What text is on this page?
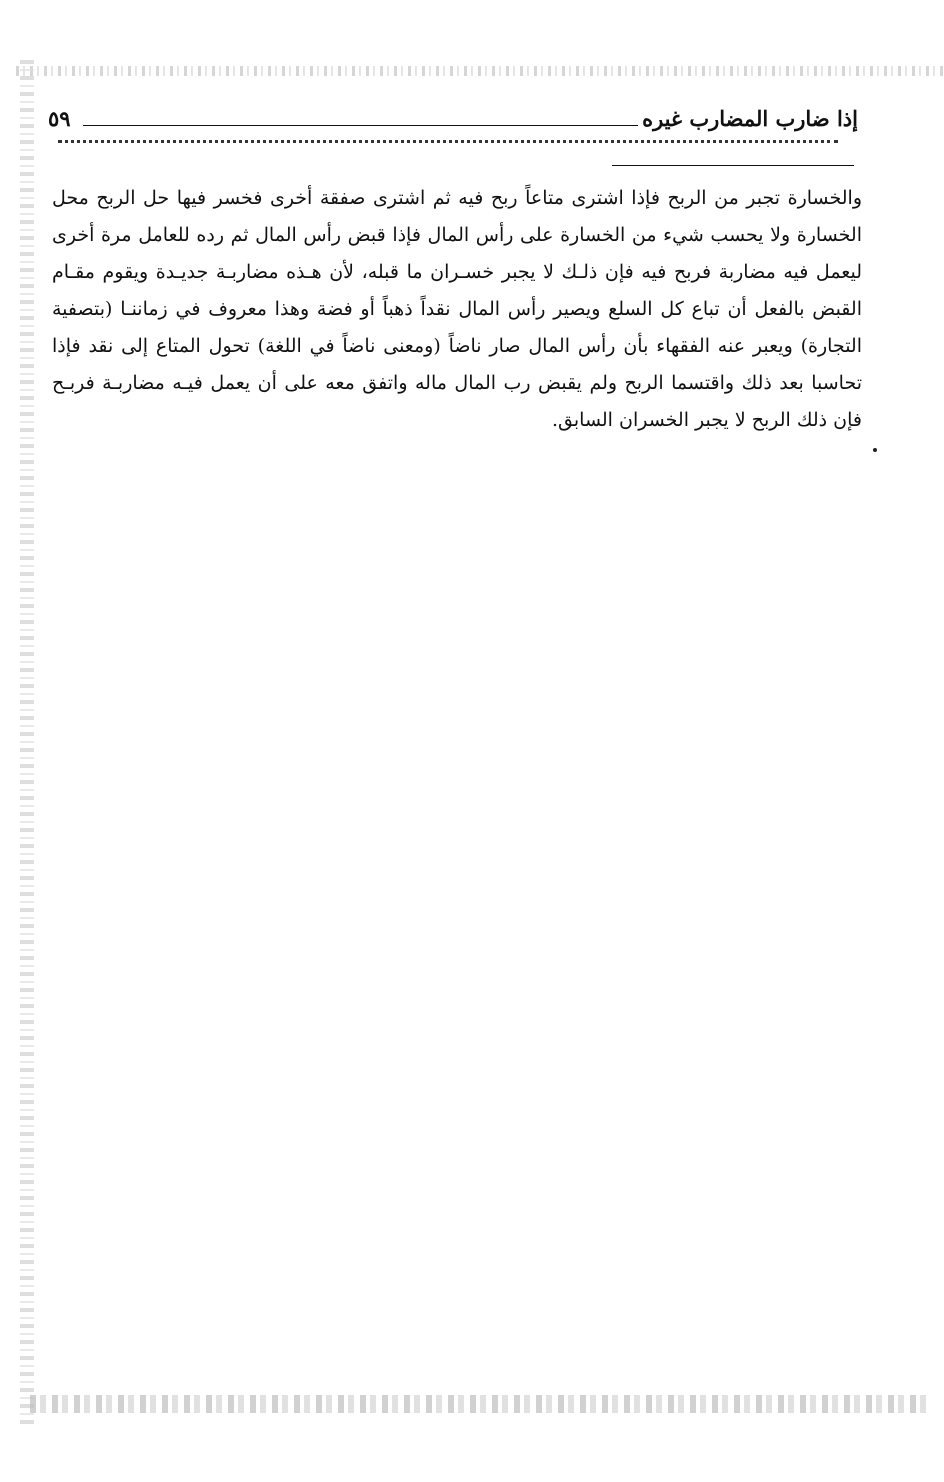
إذا ضارب المضارب غيره
٥٩
والخسارة تجبر من الربح فإذا اشترى متاعاً ربح فيه ثم اشترى صفقة أخرى فخسر فيها حل الربح محل
الخسارة ولا يحسب شيء من الخسارة على رأس المال فإذا قبض رأس المال ثم رده للعامل مرة أخرى
ليعمل فيه مضاربة فربح فيه فإن ذلـك لا يجبر خسـران ما قبله، لأن هـذه مضاربـة جديـدة ويقوم مقـام
القبض بالفعل أن تباع كل السلع ويصير رأس المال نقداً ذهباً أو فضة وهذا معروف في زماننـا (بتصفية
التجارة) ويعبر عنه الفقهاء بأن رأس المال صار ناضاً (ومعنى ناضاً في اللغة) تحول المتاع إلى نقد فإذا
تحاسبا بعد ذلك واقتسما الربح ولم يقبض رب المال ماله واتفق معه على أن يعمل فيـه مضاربـة فربـح
فإن ذلك الربح لا يجبر الخسران السابق.
